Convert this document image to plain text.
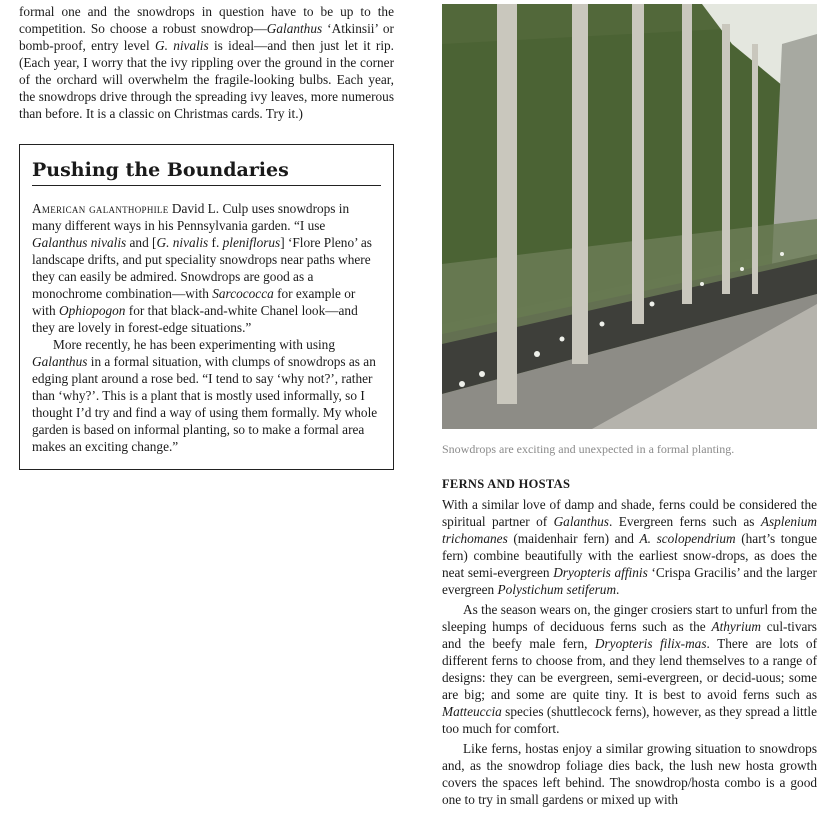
formal one and the snowdrops in question have to be up to the competition. So choose a robust snowdrop—Galanthus ‘Atkinsii’ or bomb-proof, entry level G. nivalis is ideal—and then just let it rip. (Each year, I worry that the ivy rippling over the ground in the corner of the orchard will overwhelm the fragile-looking bulbs. Each year, the snowdrops drive through the spreading ivy leaves, more numerous than before. It is a classic on Christmas cards. Try it.)

Pushing the Boundaries

American galanthophile David L. Culp uses snowdrops in many different ways in his Pennsylvania garden. “I use Galanthus nivalis and [G. nivalis f. pleniflorus] ‘Flore Pleno’ as landscape drifts, and put speciality snowdrops near paths where they can easily be admired. Snowdrops are good as a monochrome combination—with Sarcococca for example or with Ophiopogon for that black-and-white Chanel look—and they are lovely in forest-edge situations.”

More recently, he has been experimenting with using Galanthus in a formal situation, with clumps of snowdrops as an edging plant around a rose bed. “I tend to say ‘why not?’, rather than ‘why?’. This is a plant that is mostly used informally, so I thought I’d try and find a way of using them formally. My whole garden is based on informal planting, so to make a formal area makes an exciting change.”	Snowdrops are exciting and unexpected in a formal planting.

FERNS AND HOSTAS

With a similar love of damp and shade, ferns could be considered the spiritual partner of Galanthus. Evergreen ferns such as Asplenium trichomanes (maidenhair fern) and A. scolopendrium (hart’s tongue fern) combine beautifully with the earliest snow-drops, as does the neat semi-evergreen Dryopteris affinis ‘Crispa Gracilis’ and the larger evergreen Polystichum setiferum.

As the season wears on, the ginger crosiers start to unfurl from the sleeping humps of deciduous ferns such as the Athyrium cul-tivars and the beefy male fern, Dryopteris filix-mas. There are lots of different ferns to choose from, and they lend themselves to a range of designs: they can be evergreen, semi-evergreen, or decid-uous; some are big; and some are quite tiny. It is best to avoid ferns such as Matteuccia species (shuttlecock ferns), however, as they spread a little too much for comfort.

Like ferns, hostas enjoy a similar growing situation to snowdrops and, as the snowdrop foliage dies back, the lush new hosta growth covers the spaces left behind. The snowdrop/hosta combo is a good one to try in small gardens or mixed up with
